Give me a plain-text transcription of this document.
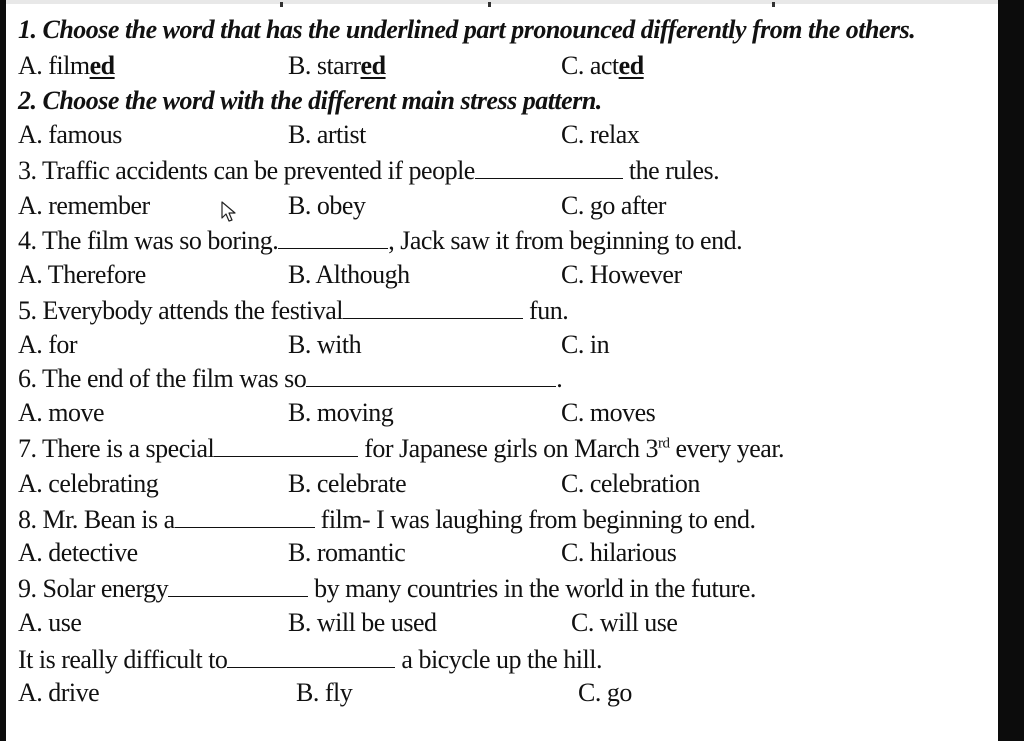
1. Choose the word that has the underlined part pronounced differently from the others.
A. filmed	B. starred	C. acted
2. Choose the word with the different main stress pattern.
A. famous	B. artist	C. relax
3. Traffic accidents can be prevented if people	the rules.
A. remember	B. obey	C. go after
4. The film was so boring.	, Jack saw it from beginning to end.
A. Therefore	B. Although	C. However
5. Everybody attends the festival	fun.
A. for	B. with	C. in
6. The end of the film was so	.
A. move	B. moving	C. moves
7. There is a special	for Japanese girls on March 3rd every year.
A. celebrating	B. celebrate	C. celebration
8. Mr. Bean is a	film- I was laughing from beginning to end.
A. detective	B. romantic	C. hilarious
9. Solar energy	by many countries in the world in the future.
A. use	B. will be used	C. will use
It is really difficult to	a bicycle up the hill.
A. drive	B. fly	C. go
